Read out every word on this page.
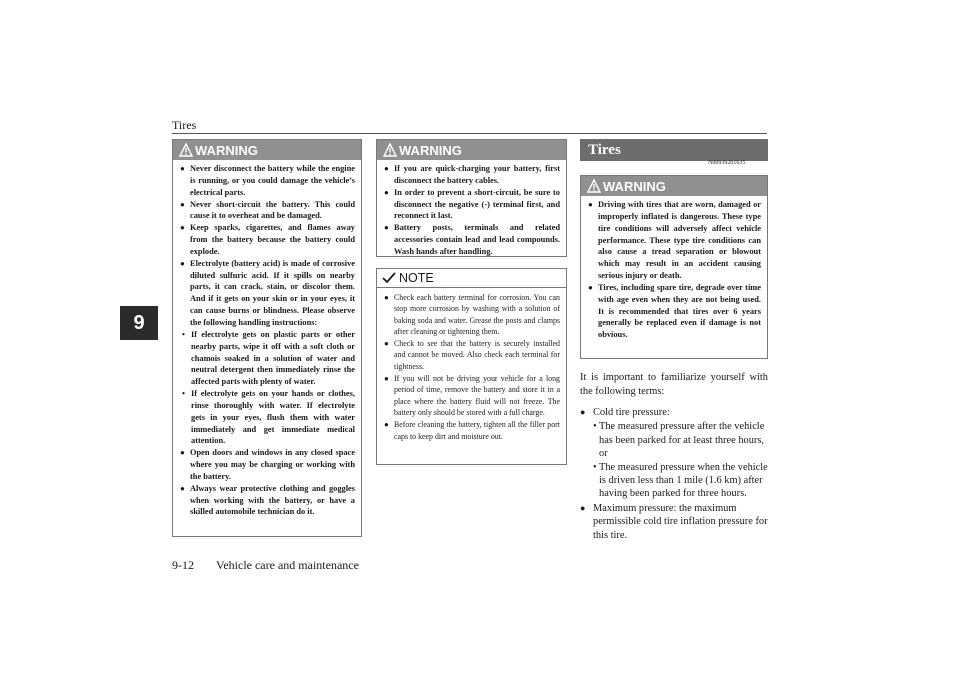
Tires
9
WARNING
● Never disconnect the battery while the engine is running, or you could damage the vehicle’s electrical parts.
● Never short-circuit the battery. This could cause it to overheat and be damaged.
● Keep sparks, cigarettes, and flames away from the battery because the battery could explode.
● Electrolyte (battery acid) is made of corrosive diluted sulfuric acid. If it spills on nearby parts, it can crack, stain, or discolor them. And if it gets on your skin or in your eyes, it can cause burns or blindness. Please observe the following handling instructions:
• If electrolyte gets on plastic parts or other nearby parts, wipe it off with a soft cloth or chamois soaked in a solution of water and neutral detergent then immediately rinse the affected parts with plenty of water.
• If electrolyte gets on your hands or clothes, rinse thoroughly with water. If electrolyte gets in your eyes, flush them with water immediately and get immediate medical attention.
● Open doors and windows in any closed space where you may be charging or working with the battery.
● Always wear protective clothing and goggles when working with the battery, or have a skilled automobile technician do it.
WARNING
● If you are quick-charging your battery, first disconnect the battery cables.
● In order to prevent a short-circuit, be sure to disconnect the negative (-) terminal first, and reconnect it last.
● Battery posts, terminals and related accessories contain lead and lead compounds. Wash hands after handling.
NOTE
● Check each battery terminal for corrosion. You can stop more corrosion by washing with a solution of baking soda and water. Grease the posts and clamps after cleaning or tightening them.
● Check to see that the battery is securely installed and cannot be moved. Also check each terminal for tightness.
● If you will not be driving your vehicle for a long period of time, remove the battery and store it in a place where the battery fluid will not freeze. The battery only should be stored with a full charge.
● Before cleaning the battery, tighten all the filler port caps to keep dirt and moisture out.
Tires
N00939201635
WARNING
● Driving with tires that are worn, damaged or improperly inflated is dangerous. These type tire conditions will adversely affect vehicle performance. These type tire conditions can also cause a tread separation or blowout which may result in an accident causing serious injury or death.
● Tires, including spare tire, degrade over time with age even when they are not being used. It is recommended that tires over 6 years generally be replaced even if damage is not obvious.
It is important to familiarize yourself with the following terms:
● Cold tire pressure:
• The measured pressure after the vehicle has been parked for at least three hours, or
• The measured pressure when the vehicle is driven less than 1 mile (1.6 km) after having been parked for three hours.
● Maximum pressure: the maximum permissible cold tire inflation pressure for this tire.
9-12 Vehicle care and maintenance
